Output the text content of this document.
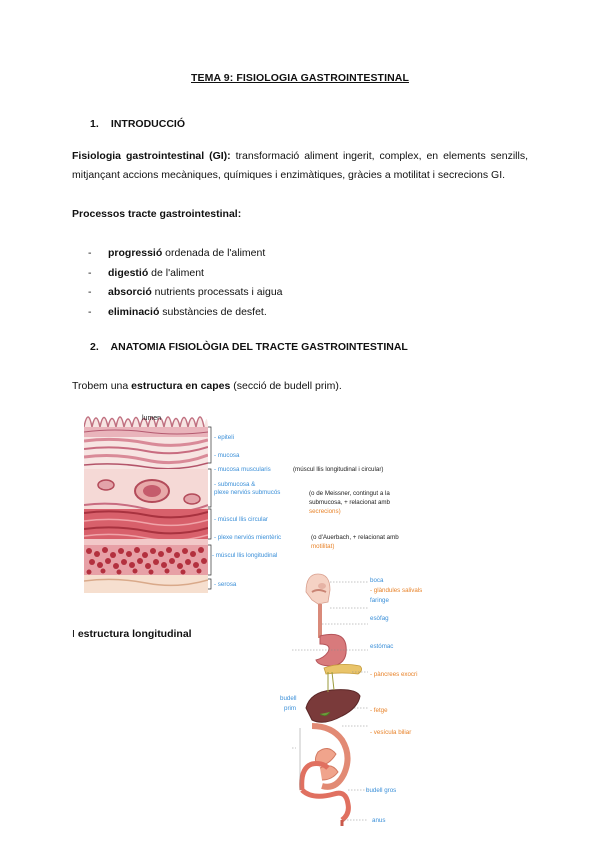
TEMA 9: FISIOLOGIA GASTROINTESTINAL
1. INTRODUCCIÓ
Fisiologia gastrointestinal (GI): transformació aliment ingerit, complex, en elements senzills, mitjançant accions mecàniques, químiques i enzimàtiques, gràcies a motilitat i secrecions GI.
Processos tracte gastrointestinal:
- progressió ordenada de l'aliment
- digestió de l'aliment
- absorció nutrients processats i aigua
- eliminació substàncies de desfet.
2. ANATOMIA FISIOLÒGIA DEL TRACTE GASTROINTESTINAL
Trobem una estructura en capes (secció de budell prim).
lumen
- epiteli
- mucosa
- mucosa muscularis	(múscul llis longitudinal i circular)
- submucosa &
plexe nerviós submucós	(o de Meissner, contingut a la
submucosa, + relacionat amb
secrecions)
- múscul llis circular
- plexe nerviós mientèric	(o d'Auerbach, + relacionat amb
motilitat)
- múscul llis longitudinal
- serosa
I estructura longitudinal
boca
- glàndules salivals
faringe
esòfag
estómac
- pàncrees exocri
budell
prim	- fetge
- vesícula biliar
budell gros
anus
